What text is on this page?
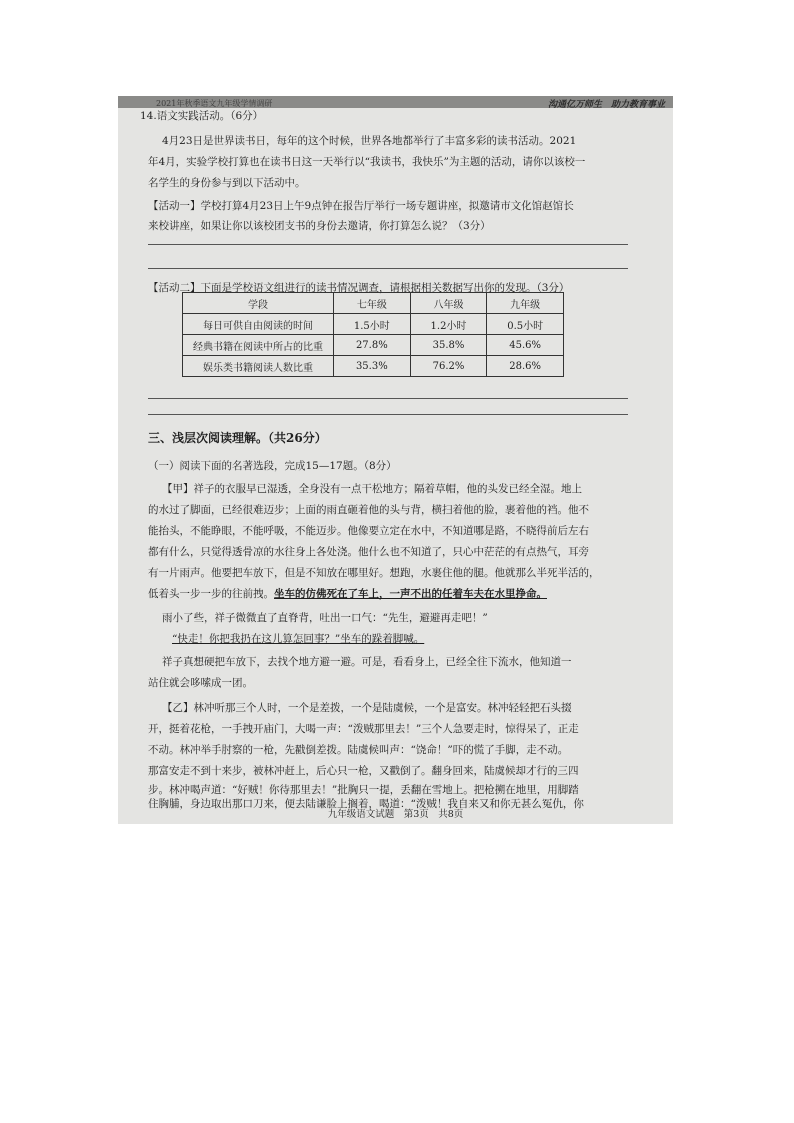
2021年秋季语文九年级学情调研	沟通亿万师生　助力教育事业
14.语文实践活动。（6分）
4月23日是世界读书日，每年的这个时候，世界各地都举行了丰富多彩的读书活动。2021
年4月，实验学校打算也在读书日这一天举行以“我读书，我快乐”为主题的活动，请你以该校一
名学生的身份参与到以下活动中。
【活动一】学校打算4月23日上午9点钟在报告厅举行一场专题讲座，拟邀请市文化馆赵馆长
来校讲座，如果让你以该校团支书的身份去邀请，你打算怎么说？（3分）
【活动二】下面是学校语文组进行的读书情况调查，请根据相关数据写出你的发现。（3分）
学段	七年级	八年级	九年级
每日可供自由阅读的时间	1.5小时	1.2小时	0.5小时
经典书籍在阅读中所占的比重	27.8%	35.8%	45.6%
娱乐类书籍阅读人数比重	35.3%	76.2%	28.6%
三、浅层次阅读理解。（共26分）
（一）阅读下面的名著选段，完成15—17题。（8分）
【甲】祥子的衣服早已湿透，全身没有一点干松地方；隔着草帽，他的头发已经全湿。地上
的水过了脚面，已经很难迈步；上面的雨直砸着他的头与背，横扫着他的脸，裹着他的裆。他不
能抬头，不能睁眼，不能呼吸，不能迈步。他像要立定在水中，不知道哪是路，不晓得前后左右
都有什么，只觉得透骨凉的水往身上各处浇。他什么也不知道了，只心中茫茫的有点热气，耳旁
有一片雨声。他要把车放下，但是不知放在哪里好。想跑，水裹住他的腿。他就那么半死半活的，
低着头一步一步的往前拽。坐车的仿佛死在了车上，一声不出的任着车夫在水里挣命。
雨小了些，祥子微微直了直脊背，吐出一口气：“先生，避避再走吧！”
“快走！你把我扔在这儿算怎回事？”坐车的跺着脚喊。
祥子真想硬把车放下，去找个地方避一避。可是，看看身上，已经全往下流水，他知道一
站住就会哆嗦成一团。
【乙】林冲听那三个人时，一个是差拨，一个是陆虞候，一个是富安。林冲轻轻把石头掇
开，挺着花枪，一手拽开庙门，大喝一声：“泼贼那里去！”三个人急要走时，惊得呆了，正走
不动。林冲举手肘察的一枪，先戳倒差拨。陆虞候叫声：“饶命！”吓的慌了手脚，走不动。
那富安走不到十来步，被林冲赶上，后心只一枪，又戳倒了。翻身回来，陆虞候却才行的三四
步。林冲喝声道：“好贼！你待那里去！”批胸只一提，丢翻在雪地上。把枪搠在地里，用脚踏
住胸脯，身边取出那口刀来，便去陆谦脸上搁着，喝道：“泼贼！我自来又和你无甚么冤仇，你
九年级语文试题　第3页　共8页
